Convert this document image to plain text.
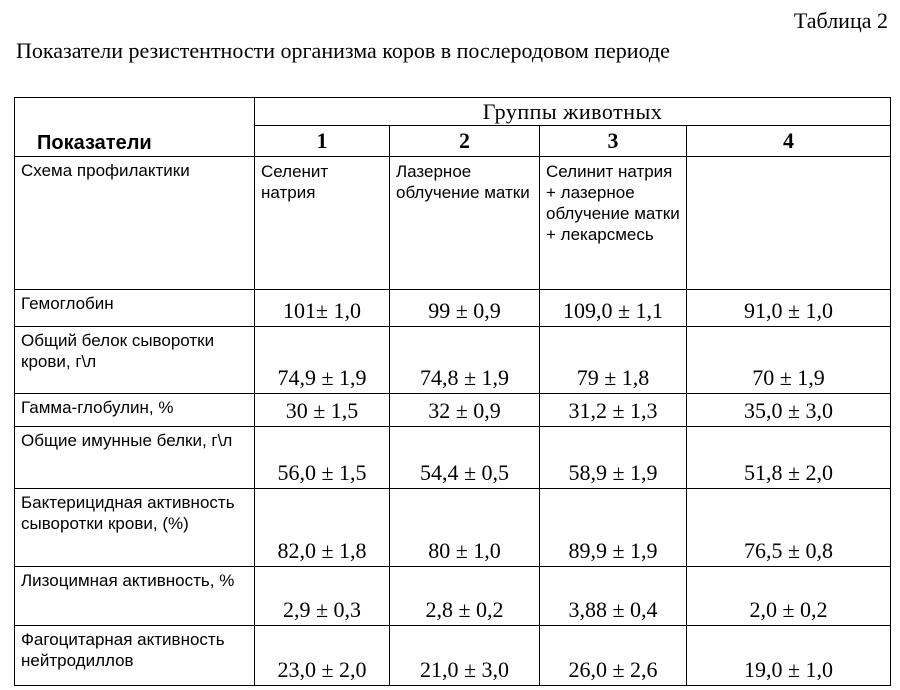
Таблица 2
Показатели резистентности организма коров в послеродовом периоде
Показатели	Группы животных			
	1	2	3	4
Схема профилактики	Селенит натрия	Лазерное облучение матки	Селинит натрия + лазерное облучение матки + лекарсмесь	
Гемоглобин	101± 1,0	99 ± 0,9	109,0 ± 1,1	91,0 ± 1,0
Общий белок сыворотки крови, г\л	74,9 ± 1,9	74,8 ± 1,9	79 ± 1,8	70 ± 1,9
Гамма-глобулин, %	30 ± 1,5	32 ± 0,9	31,2 ± 1,3	35,0 ± 3,0
Общие имунные белки, г\л	56,0 ± 1,5	54,4 ± 0,5	58,9 ± 1,9	51,8 ± 2,0
Бактерицидная активность сыворотки крови, (%)	82,0 ± 1,8	80 ± 1,0	89,9 ± 1,9	76,5 ± 0,8
Лизоцимная активность, %	2,9 ± 0,3	2,8 ± 0,2	3,88 ± 0,4	2,0 ± 0,2
Фагоцитарная активность нейтродиллов	23,0 ± 2,0	21,0 ± 3,0	26,0 ± 2,6	19,0 ± 1,0
